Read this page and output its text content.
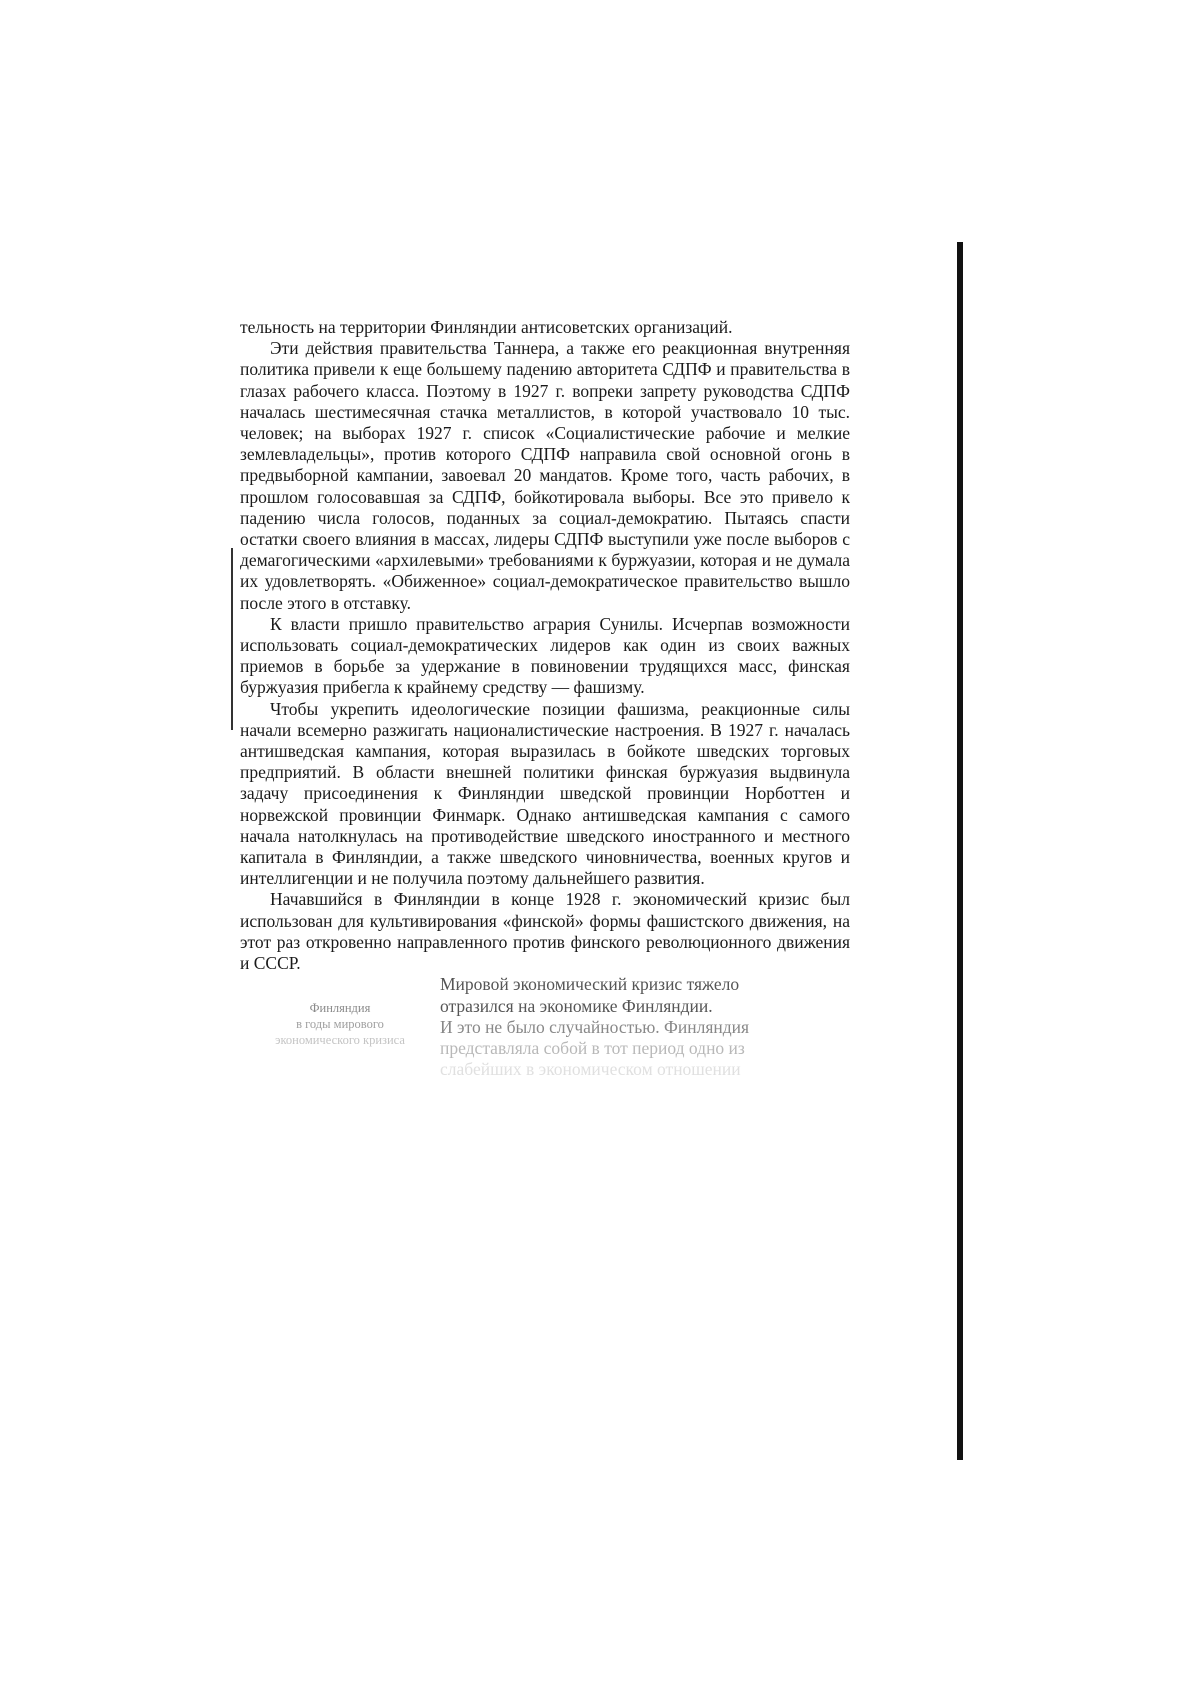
тельность на территории Финляндии антисоветских организаций.

Эти действия правительства Таннера, а также его реакционная внутренняя политика привели к еще большему падению авторитета СДПФ и правительства в глазах рабочего класса. Поэтому в 1927 г. вопреки запрету руководства СДПФ началась шестимесячная стачка металлистов, в которой участвовало 10 тыс. человек; на выборах 1927 г. список «Социалистические рабочие и мелкие землевладельцы», против которого СДПФ направила свой основной огонь в предвыборной кампании, завоевал 20 мандатов. Кроме того, часть рабочих, в прошлом голосовавшая за СДПФ, бойкотировала выборы. Все это привело к падению числа голосов, поданных за социал-демократию. Пытаясь спасти остатки своего влияния в массах, лидеры СДПФ выступили уже после выборов с демагогическими «архилевыми» требованиями к буржуазии, которая и не думала их удовлетворять. «Обиженное» социал-демократическое правительство вышло после этого в отставку.

К власти пришло правительство агрария Сунилы. Исчерпав возможности использовать социал-демократических лидеров как один из своих важных приемов в борьбе за удержание в повиновении трудящихся масс, финская буржуазия прибегла к крайнему средству — фашизму.

Чтобы укрепить идеологические позиции фашизма, реакционные силы начали всемерно разжигать националистические настроения. В 1927 г. началась антишведская кампания, которая выразилась в бойкоте шведских торговых предприятий. В области внешней политики финская буржуазия выдвинула задачу присоединения к Финляндии шведской провинции Норботтен и норвежской провинции Финмарк. Однако антишведская кампания с самого начала натолкнулась на противодействие шведского иностранного и местного капитала в Финляндии, а также шведского чиновничества, военных кругов и интеллигенции и не получила поэтому дальнейшего развития.

Начавшийся в Финляндии в конце 1928 г. экономический кризис был использован для культивирования «финской» формы фашистского движения, на этот раз откровенно направленного против финского революционного движения и СССР.

Финляндия
в годы мирового
экономического кризиса
Мировой экономический кризис тяжело
отразился на экономике Финляндии.
И это не было случайностью. Финляндия
представляла собой в тот период одно из
слабейших в экономическом отношении
